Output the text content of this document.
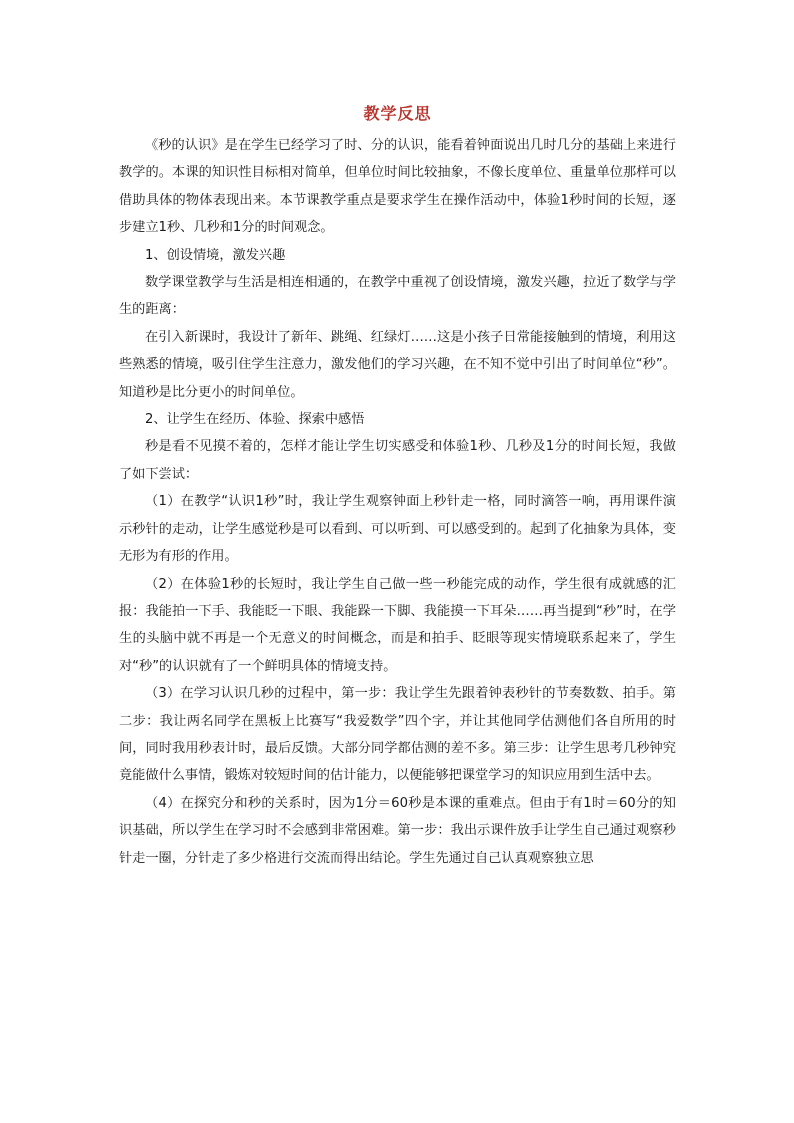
教学反思

《秒的认识》是在学生已经学习了时、分的认识，能看着钟面说出几时几分的基础上来进行教学的。本课的知识性目标相对简单，但单位时间比较抽象，不像长度单位、重量单位那样可以借助具体的物体表现出来。本节课教学重点是要求学生在操作活动中，体验1秒时间的长短，逐步建立1秒、几秒和1分的时间观念。

1、创设情境，激发兴趣

数学课堂教学与生活是相连相通的，在教学中重视了创设情境，激发兴趣，拉近了数学与学生的距离：

在引入新课时，我设计了新年、跳绳、红绿灯……这是小孩子日常能接触到的情境，利用这些熟悉的情境，吸引住学生注意力，激发他们的学习兴趣，在不知不觉中引出了时间单位“秒”。知道秒是比分更小的时间单位。

2、让学生在经历、体验、探索中感悟

秒是看不见摸不着的，怎样才能让学生切实感受和体验1秒、几秒及1分的时间长短，我做了如下尝试：

（1）在教学“认识1秒”时，我让学生观察钟面上秒针走一格，同时滴答一响，再用课件演示秒针的走动，让学生感觉秒是可以看到、可以听到、可以感受到的。起到了化抽象为具体，变无形为有形的作用。

（2）在体验1秒的长短时，我让学生自己做一些一秒能完成的动作，学生很有成就感的汇报：我能拍一下手、我能眨一下眼、我能跺一下脚、我能摸一下耳朵……再当提到“秒”时，在学生的头脑中就不再是一个无意义的时间概念，而是和拍手、眨眼等现实情境联系起来了，学生对“秒”的认识就有了一个鲜明具体的情境支持。

（3）在学习认识几秒的过程中，第一步：我让学生先跟着钟表秒针的节奏数数、拍手。第二步：我让两名同学在黑板上比赛写“我爱数学”四个字，并让其他同学估测他们各自所用的时间，同时我用秒表计时，最后反馈。大部分同学都估测的差不多。第三步：让学生思考几秒钟究竟能做什么事情，锻炼对较短时间的估计能力，以便能够把课堂学习的知识应用到生活中去。

（4）在探究分和秒的关系时，因为1分＝60秒是本课的重难点。但由于有1时＝60分的知识基础，所以学生在学习时不会感到非常困难。第一步：我出示课件放手让学生自己通过观察秒针走一圈，分针走了多少格进行交流而得出结论。学生先通过自己认真观察独立思
